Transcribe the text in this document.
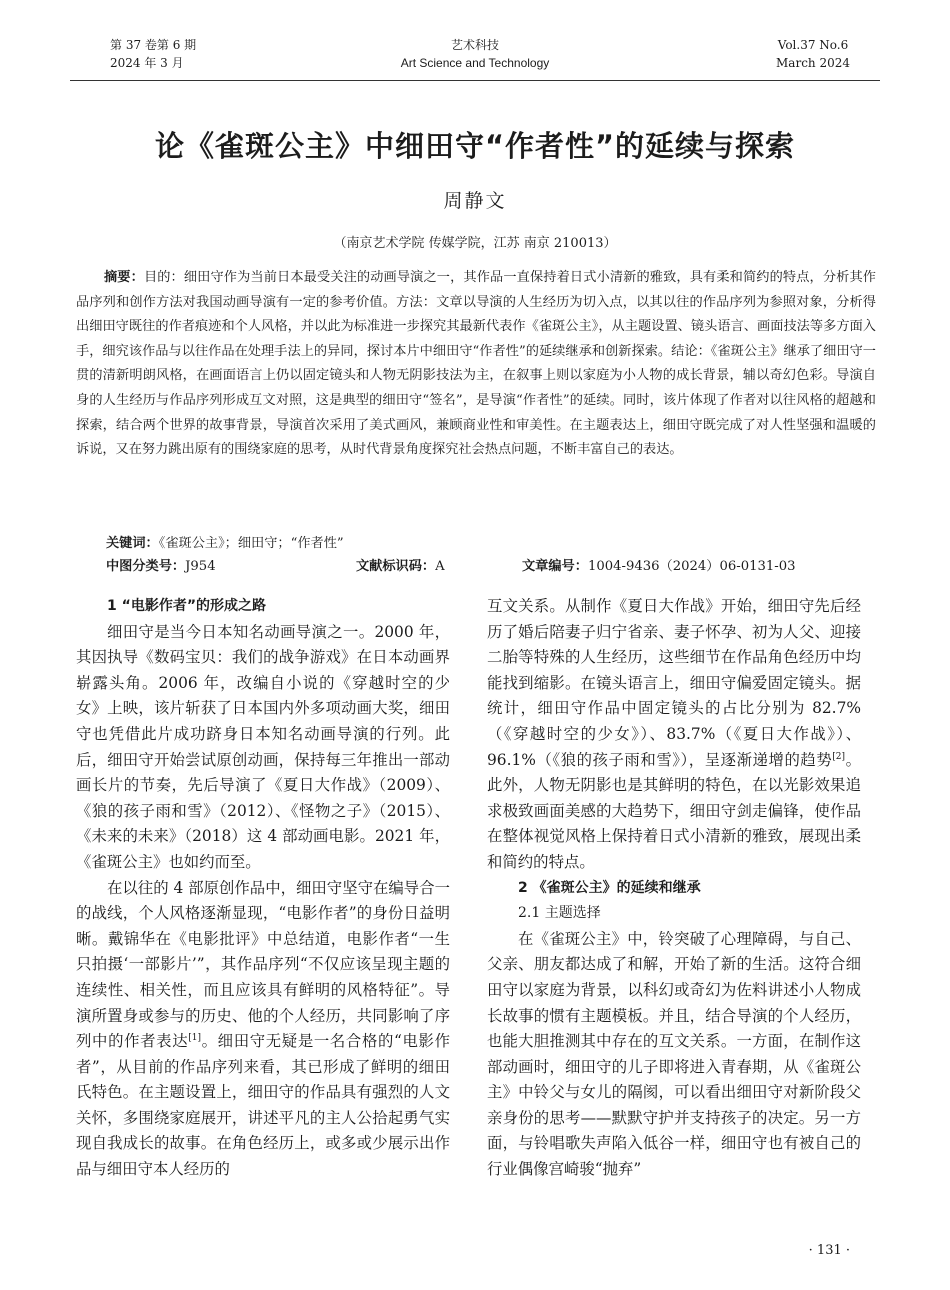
第 37 卷第 6 期
2024 年 3 月
艺术科技
Art Science and Technology
Vol.37 No.6
March 2024
论《雀斑公主》中细田守“作者性”的延续与探索
周静文
（南京艺术学院 传媒学院，江苏 南京 210013）

摘要：目的：细田守作为当前日本最受关注的动画导演之一，其作品一直保持着日式小清新的雅致，具有柔和简约的特点，分析其作品序列和创作方法对我国动画导演有一定的参考价值。方法：文章以导演的人生经历为切入点，以其以往的作品序列为参照对象，分析得出细田守既往的作者痕迹和个人风格，并以此为标准进一步探究其最新代表作《雀斑公主》，从主题设置、镜头语言、画面技法等多方面入手，细究该作品与以往作品在处理手法上的异同，探讨本片中细田守“作者性”的延续继承和创新探索。结论：《雀斑公主》继承了细田守一贯的清新明朗风格，在画面语言上仍以固定镜头和人物无阴影技法为主，在叙事上则以家庭为小人物的成长背景，辅以奇幻色彩。导演自身的人生经历与作品序列形成互文对照，这是典型的细田守“签名”，是导演“作者性”的延续。同时，该片体现了作者对以往风格的超越和探索，结合两个世界的故事背景，导演首次采用了美式画风，兼顾商业性和审美性。在主题表达上，细田守既完成了对人性坚强和温暖的诉说，又在努力跳出原有的围绕家庭的思考，从时代背景角度探究社会热点问题，不断丰富自己的表达。

关键词：《雀斑公主》；细田守；“作者性”
中图分类号：J954	文献标识码：A	文章编号：1004-9436（2024）06-0131-03
1 “电影作者”的形成之路

细田守是当今日本知名动画导演之一。2000 年，其因执导《数码宝贝：我们的战争游戏》在日本动画界崭露头角。2006 年，改编自小说的《穿越时空的少女》上映，该片斩获了日本国内外多项动画大奖，细田守也凭借此片成功跻身日本知名动画导演的行列。此后，细田守开始尝试原创动画，保持每三年推出一部动画长片的节奏，先后导演了《夏日大作战》（2009）、《狼的孩子雨和雪》（2012）、《怪物之子》（2015）、《未来的未来》（2018）这 4 部动画电影。2021 年，《雀斑公主》也如约而至。

在以往的 4 部原创作品中，细田守坚守在编导合一的战线，个人风格逐渐显现，“电影作者”的身份日益明晰。戴锦华在《电影批评》中总结道，电影作者“一生只拍摄‘一部影片’”，其作品序列“不仅应该呈现主题的连续性、相关性，而且应该具有鲜明的风格特征”。导演所置身或参与的历史、他的个人经历，共同影响了序列中的作者表达[1]。细田守无疑是一名合格的“电影作者”，从目前的作品序列来看，其已形成了鲜明的细田氏特色。在主题设置上，细田守的作品具有强烈的人文关怀，多围绕家庭展开，讲述平凡的主人公拾起勇气实现自我成长的故事。在角色经历上，或多或少展示出作品与细田守本人经历的

互文关系。从制作《夏日大作战》开始，细田守先后经历了婚后陪妻子归宁省亲、妻子怀孕、初为人父、迎接二胎等特殊的人生经历，这些细节在作品角色经历中均能找到缩影。在镜头语言上，细田守偏爱固定镜头。据统计，细田守作品中固定镜头的占比分别为 82.7%（《穿越时空的少女》）、83.7%（《夏日大作战》）、96.1%（《狼的孩子雨和雪》），呈逐渐递增的趋势[2]。此外，人物无阴影也是其鲜明的特色，在以光影效果追求极致画面美感的大趋势下，细田守剑走偏锋，使作品在整体视觉风格上保持着日式小清新的雅致，展现出柔和简约的特点。

2 《雀斑公主》的延续和继承
2.1 主题选择

在《雀斑公主》中，铃突破了心理障碍，与自己、父亲、朋友都达成了和解，开始了新的生活。这符合细田守以家庭为背景，以科幻或奇幻为佐料讲述小人物成长故事的惯有主题模板。并且，结合导演的个人经历，也能大胆推测其中存在的互文关系。一方面，在制作这部动画时，细田守的儿子即将进入青春期，从《雀斑公主》中铃父与女儿的隔阂，可以看出细田守对新阶段父亲身份的思考——默默守护并支持孩子的决定。另一方面，与铃唱歌失声陷入低谷一样，细田守也有被自己的行业偶像宫崎骏“抛弃”

· 131 ·
